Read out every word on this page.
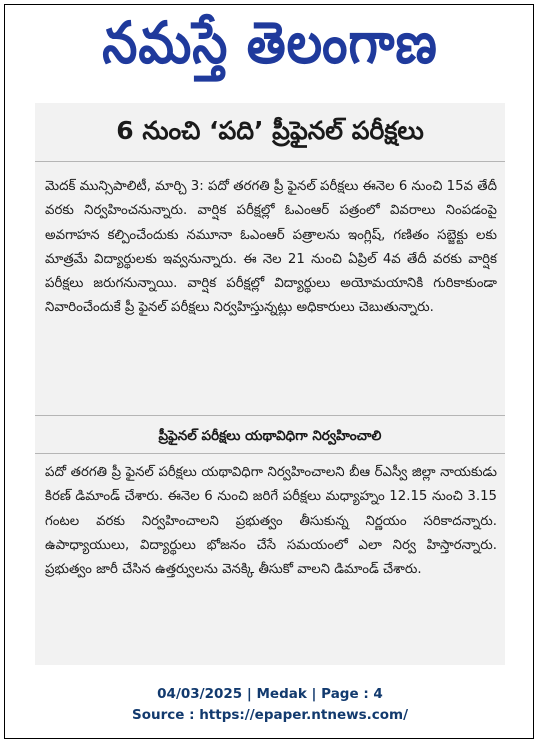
నమస్తే తెలంగాణ
6 నుంచి ‘పది’ ప్రీఫైనల్ పరీక్షలు

మెదక్ మున్సిపాలిటీ, మార్చి 3: పదో తరగతి ప్రీ ఫైనల్ పరీక్షలు ఈనెల 6 నుంచి 15వ తేదీ వరకు నిర్వహించనున్నారు. వార్షిక పరీక్షల్లో ఓఎంఆర్ పత్రంలో వివరాలు నింపడంపై అవగాహన కల్పించేందుకు నమూనా ఓఎంఆర్ పత్రాలను ఇంగ్లిష్, గణితం సబ్జెక్టు లకు మాత్రమే విద్యార్థులకు ఇవ్వనున్నారు. ఈ నెల 21 నుంచి ఏప్రిల్ 4వ తేదీ వరకు వార్షిక పరీక్షలు జరుగనున్నాయి. వార్షిక పరీక్షల్లో విద్యార్థులు అయోమయానికి గురికాకుండా నివారించేందుకే ప్రీ ఫైనల్ పరీక్షలు నిర్వహిస్తున్నట్లు అధికారులు చెబుతున్నారు.

ప్రీఫైనల్ పరీక్షలు యథావిధిగా నిర్వహించాలి

పదో తరగతి ప్రీ ఫైనల్ పరీక్షలు యథావిధిగా నిర్వహించాలని బీఆ ర్ఎస్వీ జిల్లా నాయకుడు కిరణ్ డిమాండ్ చేశారు. ఈనెల 6 నుంచి జరిగే పరీక్షలు మధ్యాహ్నం 12.15 నుంచి 3.15 గంటల వరకు నిర్వహించాలని ప్రభుత్వం తీసుకున్న నిర్ణయం సరికాదన్నారు. ఉపాధ్యాయులు, విద్యార్థులు భోజనం చేసే సమయంలో ఎలా నిర్వ హిస్తారన్నారు. ప్రభుత్వం జారీ చేసిన ఉత్తర్వులను వెనక్కి తీసుకో వాలని డిమాండ్ చేశారు.

04/03/2025 | Medak | Page : 4
Source : https://epaper.ntnews.com/
